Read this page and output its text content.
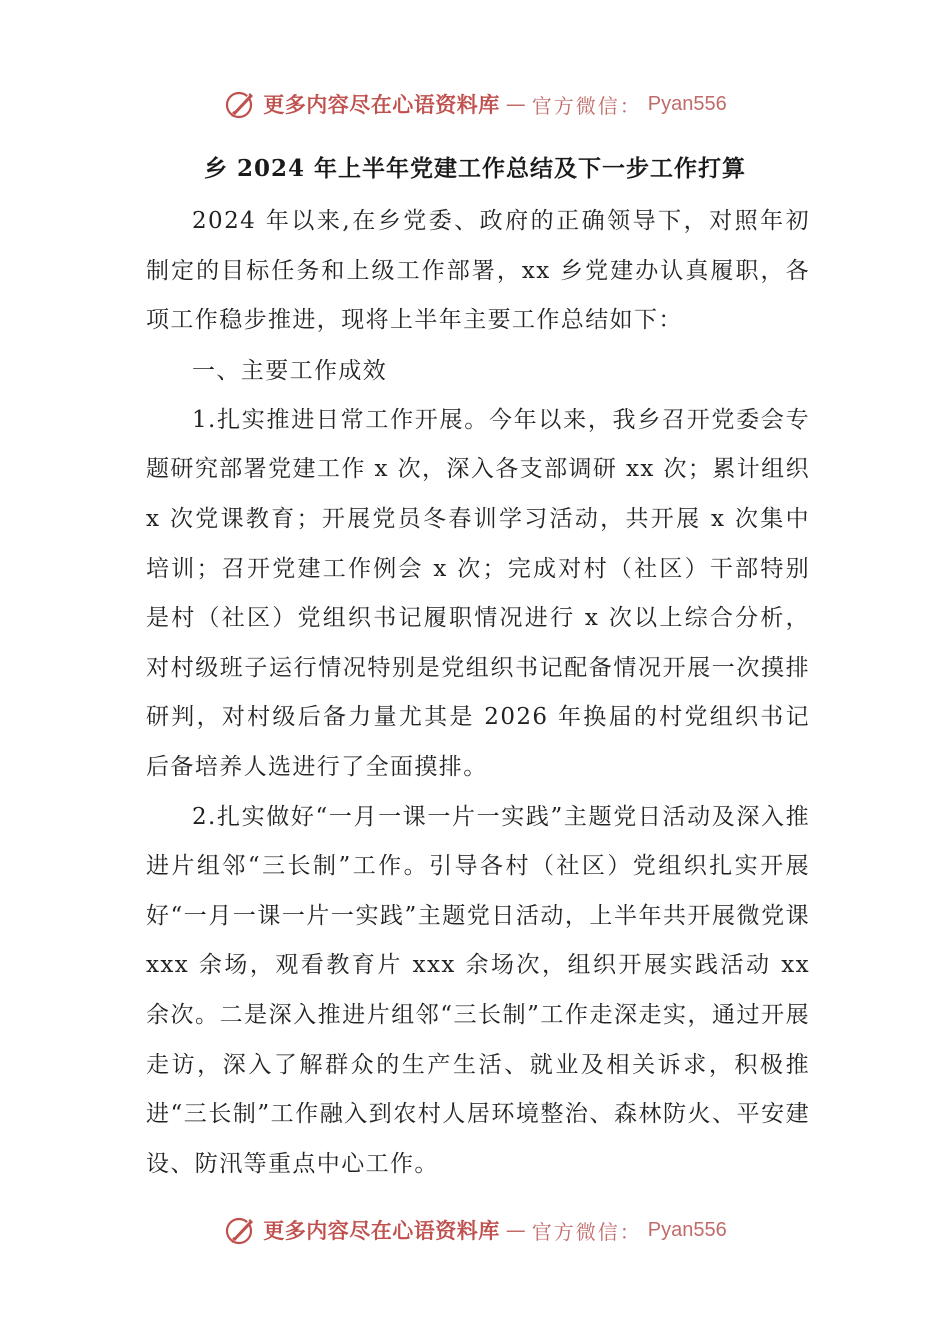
更多内容尽在心语资料库 — 官方微信： Pyan556
乡 2024 年上半年党建工作总结及下一步工作打算

2024 年以来,在乡党委、政府的正确领导下，对照年初制定的目标任务和上级工作部署，xx 乡党建办认真履职，各项工作稳步推进，现将上半年主要工作总结如下：

一、主要工作成效

1.扎实推进日常工作开展。今年以来，我乡召开党委会专题研究部署党建工作 x 次，深入各支部调研 xx 次；累计组织 x 次党课教育；开展党员冬春训学习活动，共开展 x 次集中培训；召开党建工作例会 x 次；完成对村（社区）干部特别是村（社区）党组织书记履职情况进行 x 次以上综合分析，对村级班子运行情况特别是党组织书记配备情况开展一次摸排研判，对村级后备力量尤其是 2026 年换届的村党组织书记后备培养人选进行了全面摸排。

2.扎实做好“一月一课一片一实践”主题党日活动及深入推进片组邻“三长制”工作。引导各村（社区）党组织扎实开展好“一月一课一片一实践”主题党日活动，上半年共开展微党课 xxx 余场，观看教育片 xxx 余场次，组织开展实践活动 xx 余次。二是深入推进片组邻“三长制”工作走深走实，通过开展走访，深入了解群众的生产生活、就业及相关诉求，积极推进“三长制”工作融入到农村人居环境整治、森林防火、平安建设、防汛等重点中心工作。

更多内容尽在心语资料库 — 官方微信： Pyan556
